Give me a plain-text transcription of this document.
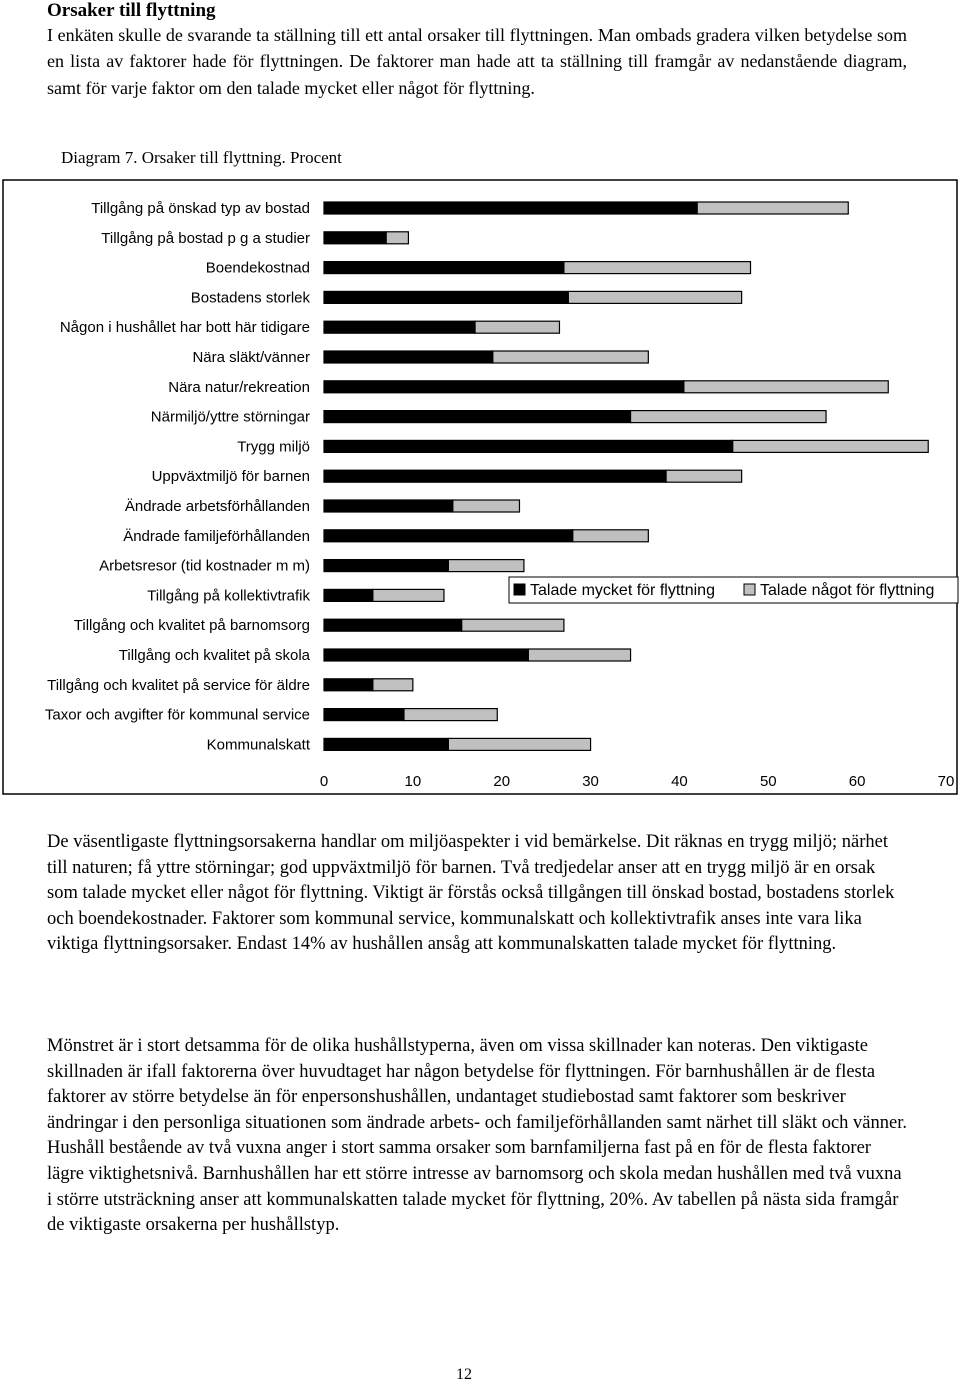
Orsaker till flyttning

I enkäten skulle de svarande ta ställning till ett antal orsaker till flyttningen. Man ombads gradera vilken betydelse som en lista av faktorer hade för flyttningen. De faktorer man hade att ta ställning till framgår av nedanstående diagram, samt för varje faktor om den talade mycket eller något för flyttning.

Diagram 7. Orsaker till flyttning. Procent
Tillgång på önskad typ av bostad
Tillgång på bostad p g a studier
Boendekostnad
Bostadens storlek
Någon i hushållet har bott här tidigare
Nära släkt/vänner
Nära natur/rekreation
Närmiljö/yttre störningar
Trygg miljö
Uppväxtmiljö för barnen
Ändrade arbetsförhållanden
Ändrade familjeförhållanden
Arbetsresor (tid kostnader m m)
Tillgång på kollektivtrafik
Tillgång och kvalitet på barnomsorg
Tillgång och kvalitet på skola
Tillgång och kvalitet på service för äldre
Taxor och avgifter för kommunal service
Kommunalskatt
0	10	20	30	40	50	60	70
Talade mycket för flyttning	Talade något för flyttning

De väsentligaste flyttningsorsakerna handlar om miljöaspekter i vid bemärkelse. Dit räknas en trygg miljö; närhet till naturen; få yttre störningar; god uppväxtmiljö för barnen. Två tredjedelar anser att en trygg miljö är en orsak som talade mycket eller något för flyttning. Viktigt är förstås också tillgången till önskad bostad, bostadens storlek och boendekostnader. Faktorer som kommunal service, kommunalskatt och kollektivtrafik anses inte vara lika viktiga flyttningsorsaker. Endast 14% av hushållen ansåg att kommunalskatten talade mycket för flyttning.

Mönstret är i stort detsamma för de olika hushållstyperna, även om vissa skillnader kan noteras. Den viktigaste skillnaden är ifall faktorerna över huvudtaget har någon betydelse för flyttningen. För barnhushållen är de flesta faktorer av större betydelse än för enpersonshushållen, undantaget studiebostad samt faktorer som beskriver ändringar i den personliga situationen som ändrade arbets- och familjeförhållanden samt närhet till släkt och vänner. Hushåll bestående av två vuxna anger i stort samma orsaker som barnfamiljerna fast på en för de flesta faktorer lägre viktighetsnivå. Barnhushållen har ett större intresse av barnomsorg och skola medan hushållen med två vuxna i större utsträckning anser att kommunalskatten talade mycket för flyttning, 20%. Av tabellen på nästa sida framgår de viktigaste orsakerna per hushållstyp.

12
